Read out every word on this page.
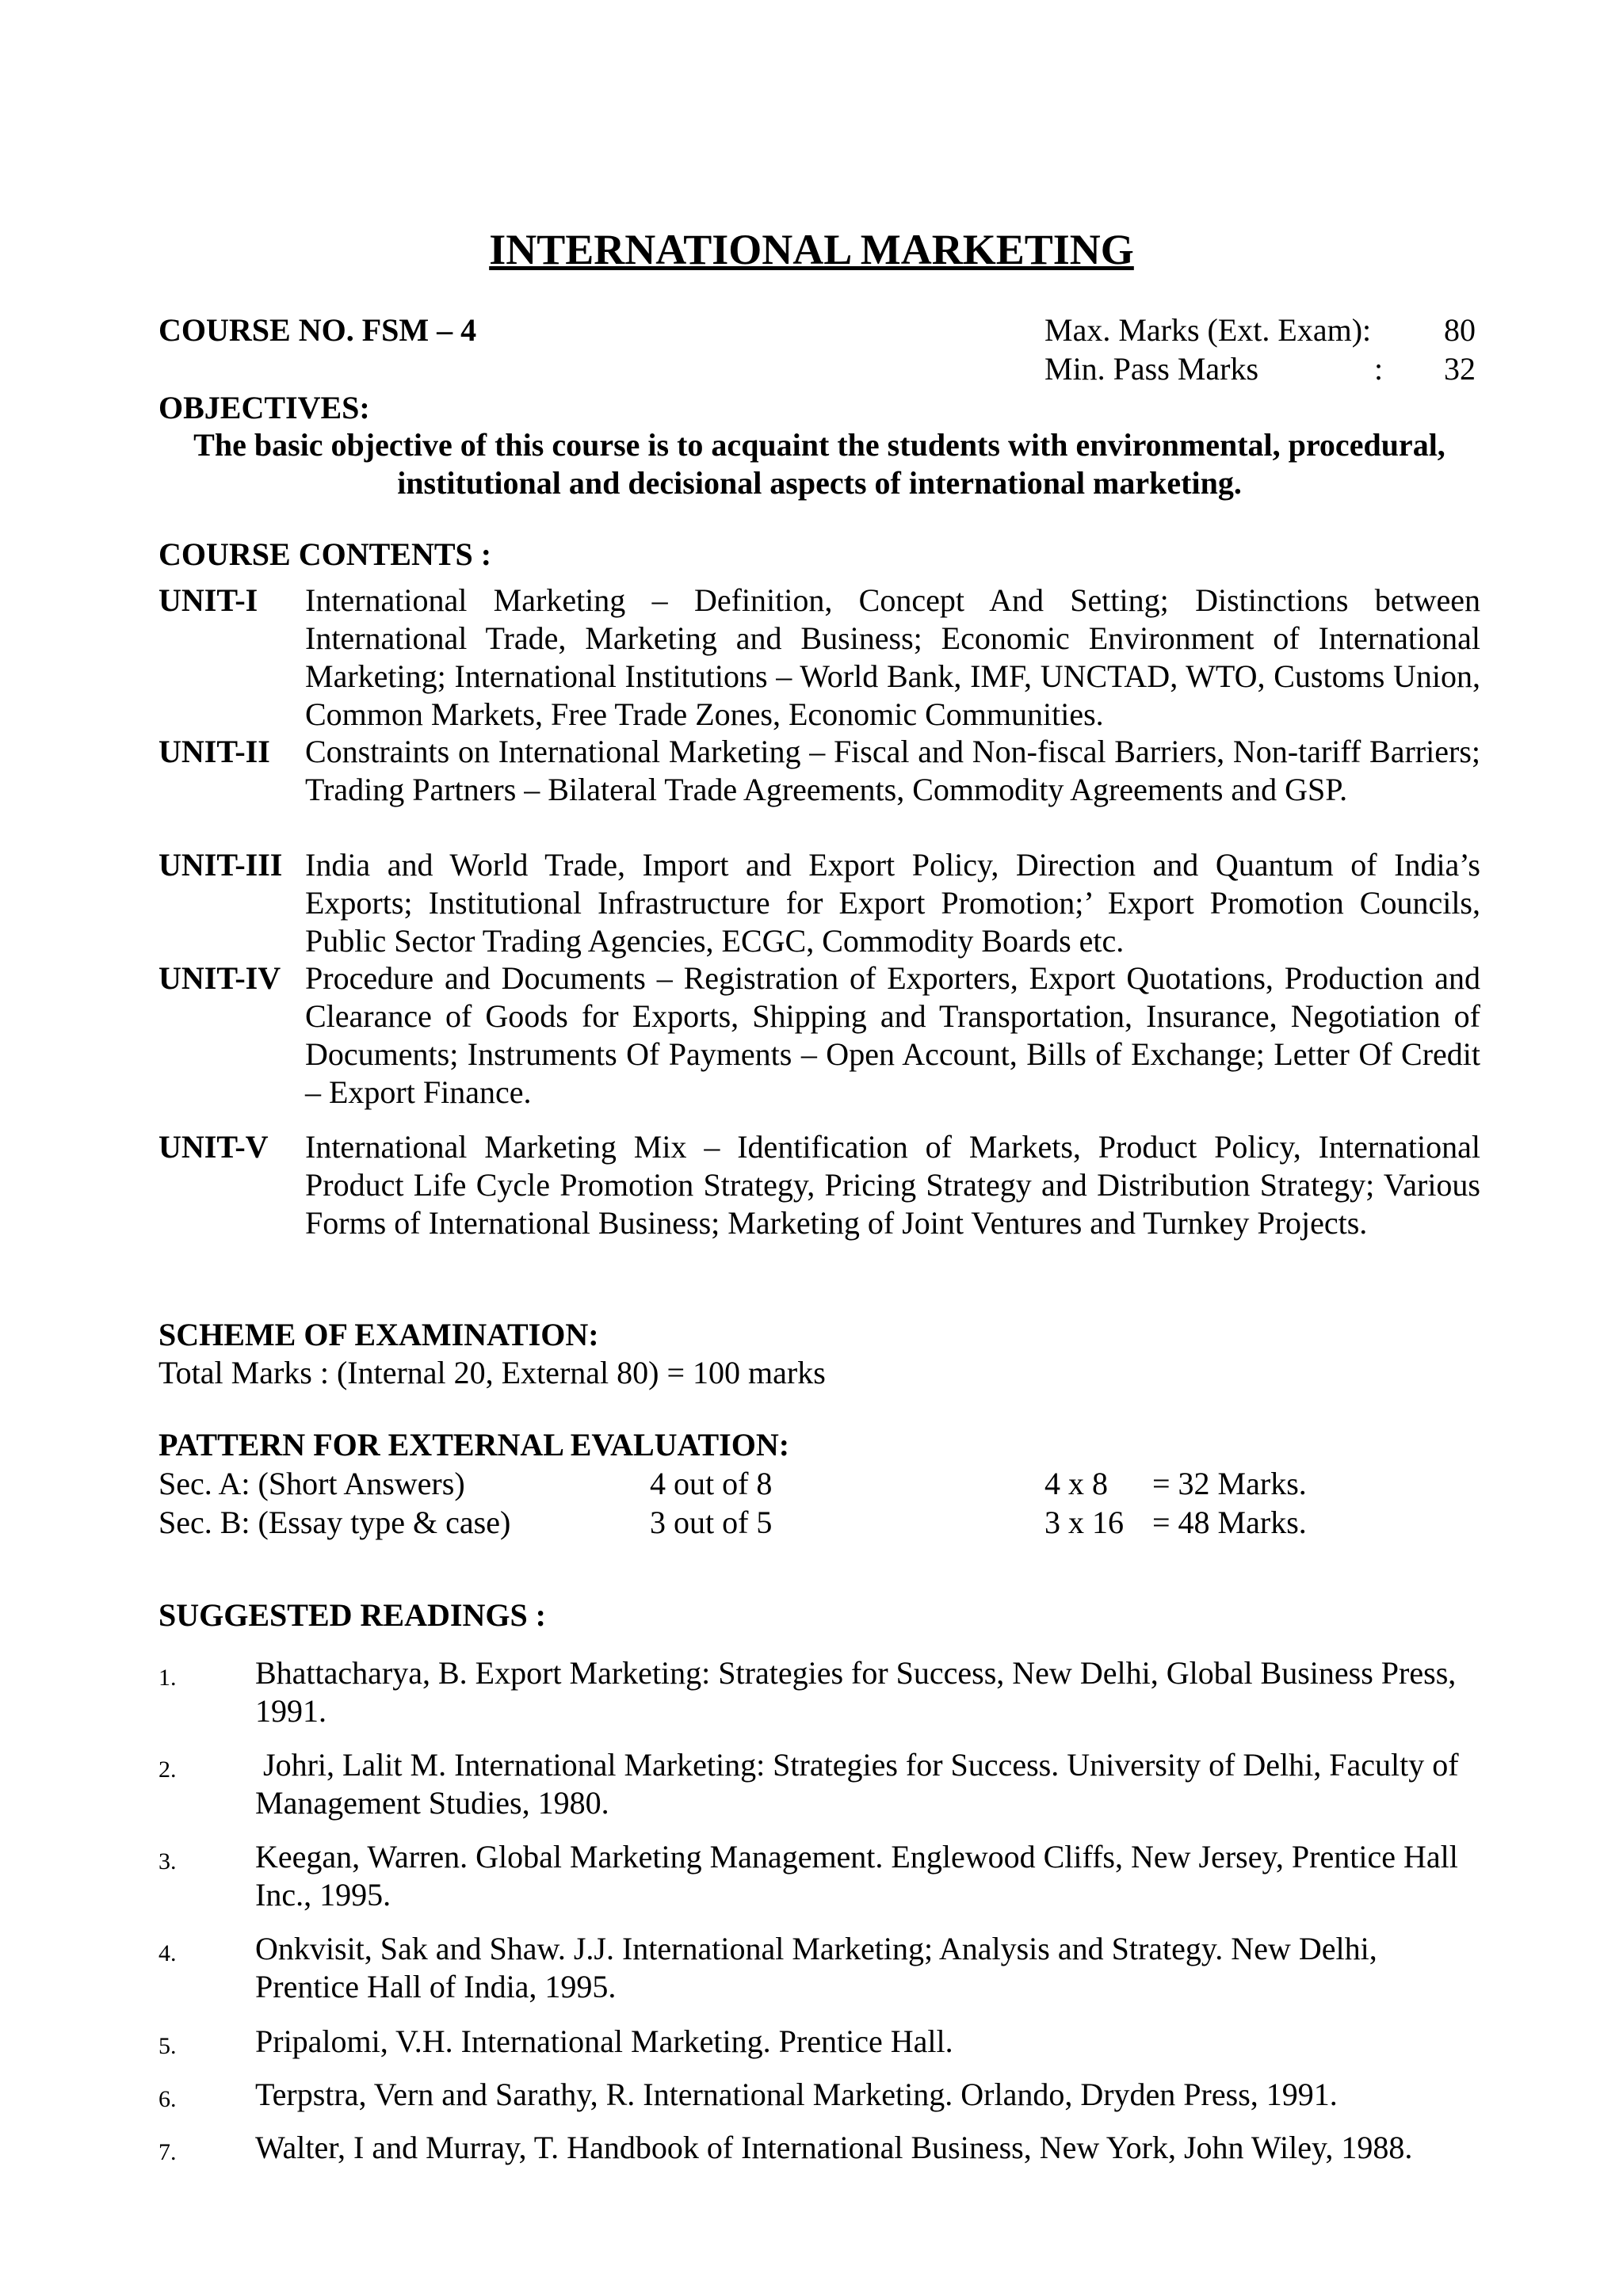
INTERNATIONAL MARKETING
COURSE NO. FSM – 4	Max. Marks (Ext. Exam): 80
Min. Pass Marks	: 32
OBJECTIVES:
The basic objective of this course is to acquaint the students with environmental, procedural, institutional and decisional aspects of international marketing.
COURSE CONTENTS :
UNIT-I International Marketing – Definition, Concept And Setting; Distinctions between International Trade, Marketing and Business; Economic Environment of International Marketing; International Institutions – World Bank, IMF, UNCTAD, WTO, Customs Union, Common Markets, Free Trade Zones, Economic Communities.
UNIT-II Constraints on International Marketing – Fiscal and Non-fiscal Barriers, Non-tariff Barriers; Trading Partners – Bilateral Trade Agreements, Commodity Agreements and GSP.
UNIT-III India and World Trade, Import and Export Policy, Direction and Quantum of India’s Exports; Institutional Infrastructure for Export Promotion;’ Export Promotion Councils, Public Sector Trading Agencies, ECGC, Commodity Boards etc.
UNIT-IV Procedure and Documents – Registration of Exporters, Export Quotations, Production and Clearance of Goods for Exports, Shipping and Transportation, Insurance, Negotiation of Documents; Instruments Of Payments – Open Account, Bills of Exchange; Letter Of Credit – Export Finance.
UNIT-V International Marketing Mix – Identification of Markets, Product Policy, International Product Life Cycle Promotion Strategy, Pricing Strategy and Distribution Strategy; Various Forms of International Business; Marketing of Joint Ventures and Turnkey Projects.
SCHEME OF EXAMINATION:
Total Marks : (Internal 20, External 80) = 100 marks
PATTERN FOR EXTERNAL EVALUATION:
Sec. A: (Short Answers)	4 out of 8	4 x 8 = 32 Marks.
Sec. B: (Essay type & case)	3 out of 5	3 x 16 = 48 Marks.
SUGGESTED READINGS :
1. Bhattacharya, B. Export Marketing: Strategies for Success, New Delhi, Global Business Press, 1991.
2. Johri, Lalit M. International Marketing: Strategies for Success. University of Delhi, Faculty of Management Studies, 1980.
3. Keegan, Warren. Global Marketing Management. Englewood Cliffs, New Jersey, Prentice Hall Inc., 1995.
4. Onkvisit, Sak and Shaw. J.J. International Marketing; Analysis and Strategy. New Delhi, Prentice Hall of India, 1995.
5. Pripalomi, V.H. International Marketing. Prentice Hall.
6. Terpstra, Vern and Sarathy, R. International Marketing. Orlando, Dryden Press, 1991.
7. Walter, I and Murray, T. Handbook of International Business, New York, John Wiley, 1988.
